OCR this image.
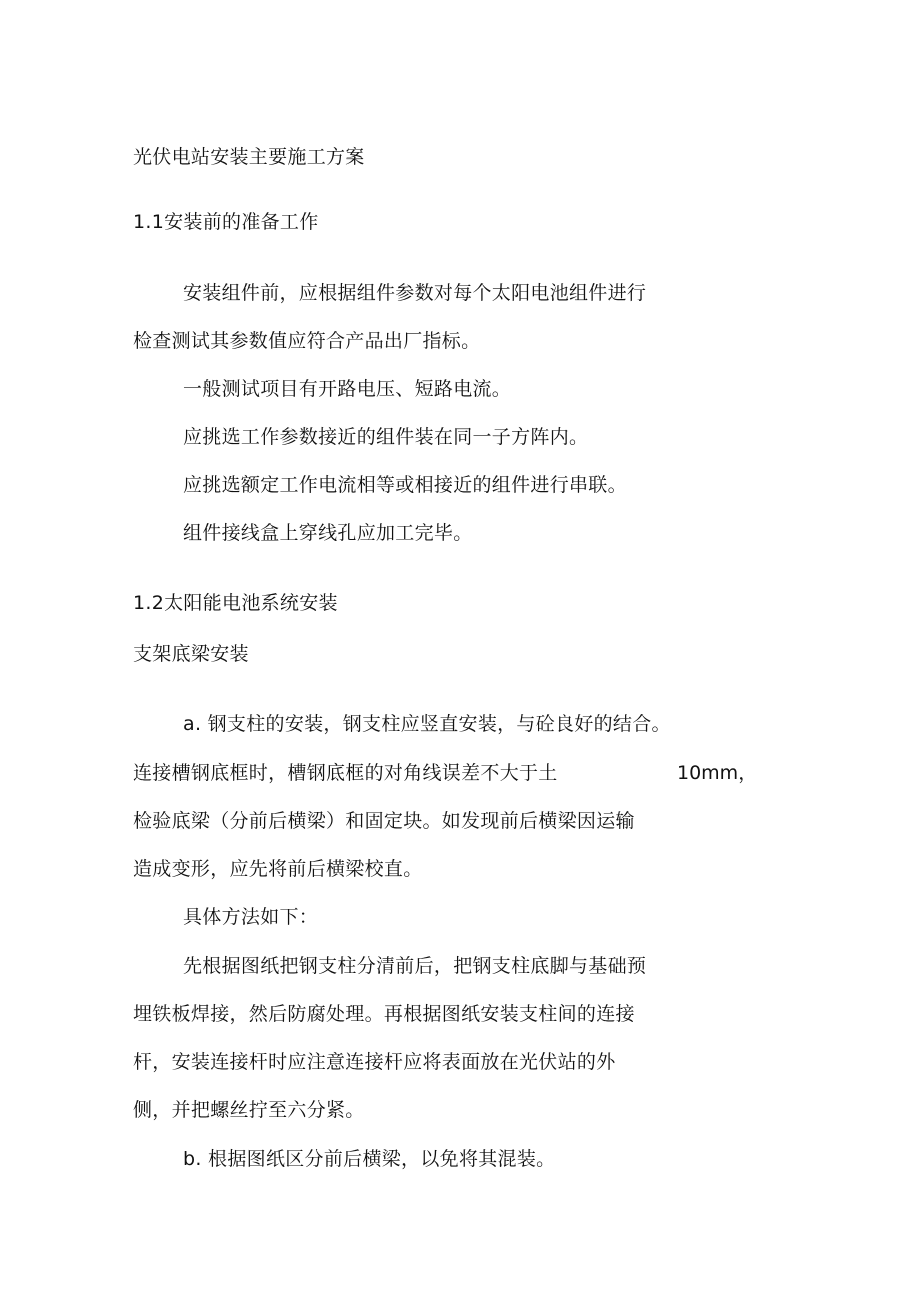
光伏电站安装主要施工方案
1.1安装前的准备工作
安装组件前，应根据组件参数对每个太阳电池组件进行
检查测试其参数值应符合产品出厂指标。
一般测试项目有开路电压、短路电流。
应挑选工作参数接近的组件装在同一子方阵内。
应挑选额定工作电流相等或相接近的组件进行串联。
组件接线盒上穿线孔应加工完毕。
1.2太阳能电池系统安装
支架底梁安装
a. 钢支柱的安装，钢支柱应竖直安装，与砼良好的结合。
连接槽钢底框时，槽钢底框的对角线误差不大于土	10mm，
检验底梁（分前后横梁）和固定块。如发现前后横梁因运输
造成变形，应先将前后横梁校直。
具体方法如下：
先根据图纸把钢支柱分清前后，把钢支柱底脚与基础预
埋铁板焊接，然后防腐处理。再根据图纸安装支柱间的连接
杆，安装连接杆时应注意连接杆应将表面放在光伏站的外
侧，并把螺丝拧至六分紧。
b. 根据图纸区分前后横梁，以免将其混装。
